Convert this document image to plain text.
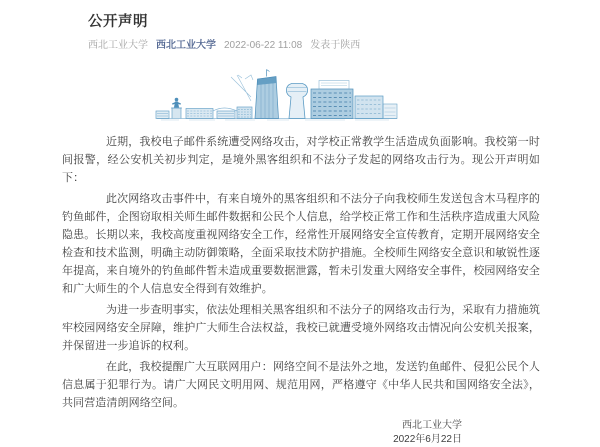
公开声明
西北工业大学 西北工业大学 2022-06-22 11:08 发表于陕西

近期，我校电子邮件系统遭受网络攻击，对学校正常教学生活造成负面影响。我校第一时间报警，经公安机关初步判定，是境外黑客组织和不法分子发起的网络攻击行为。现公开声明如下：

此次网络攻击事件中，有来自境外的黑客组织和不法分子向我校师生发送包含木马程序的钓鱼邮件，企图窃取相关师生邮件数据和公民个人信息，给学校正常工作和生活秩序造成重大风险隐患。长期以来，我校高度重视网络安全工作，经常性开展网络安全宣传教育，定期开展网络安全检查和技术监测，明确主动防御策略，全面采取技术防护措施。全校师生网络安全意识和敏锐性逐年提高，来自境外的钓鱼邮件暂未造成重要数据泄露，暂未引发重大网络安全事件，校园网络安全和广大师生的个人信息安全得到有效维护。

为进一步查明事实，依法处理相关黑客组织和不法分子的网络攻击行为，采取有力措施筑牢校园网络安全屏障，维护广大师生合法权益，我校已就遭受境外网络攻击情况向公安机关报案，并保留进一步追诉的权利。

在此，我校提醒广大互联网用户：网络空间不是法外之地，发送钓鱼邮件、侵犯公民个人信息属于犯罪行为。请广大网民文明用网、规范用网，严格遵守《中华人民共和国网络安全法》，共同营造清朗网络空间。

西北工业大学
2022年6月22日
